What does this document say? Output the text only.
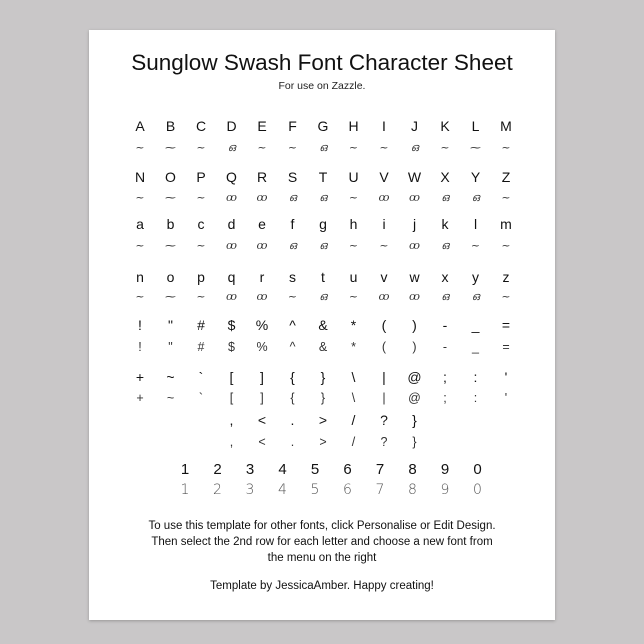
Sunglow Swash Font Character Sheet
For use on Zazzle.
A	B	C	D	E	F	G	H	I	J	K	L	M
~	⁓	~	ഒ	~	~	ഒ	~	~	ഒ	~	⁓	~
N	O	P	Q	R	S	T	U	V	W	X	Y	Z
~	⁓	~	ꝏ	ꝏ	ഒ	ഒ	~	ꝏ	ꝏ	ഒ	ഒ	~
a	b	c	d	e	f	g	h	i	j	k	l	m
~	⁓	~	ꝏ	ꝏ	ഒ	ഒ	~	~	ꝏ	ഒ	~	~
n	o	p	q	r	s	t	u	v	w	x	y	z
~	⁓	~	ꝏ	ꝏ	~	ഒ	~	ꝏ	ꝏ	ഒ	ഒ	~
!	"	#	$	%	^	&	*	(	)	-	_	=
!	"	#	$	%	^	&	*	(	)	-	_	=
+	~	`	[	]	{	}	\	|	@	;	:	'
+	~	`	[	]	{	}	\	|	@	;	:	'
,	<	.	>	/	?	}
,	<	.	>	/	?	}
1	2	3	4	5	6	7	8	9	0
1	2	3	4	5	6	7	8	9	0
To use this template for other fonts, click Personalise or Edit Design.
Then select the 2nd row for each letter and choose a new font from
the menu on the right
Template by JessicaAmber. Happy creating!
